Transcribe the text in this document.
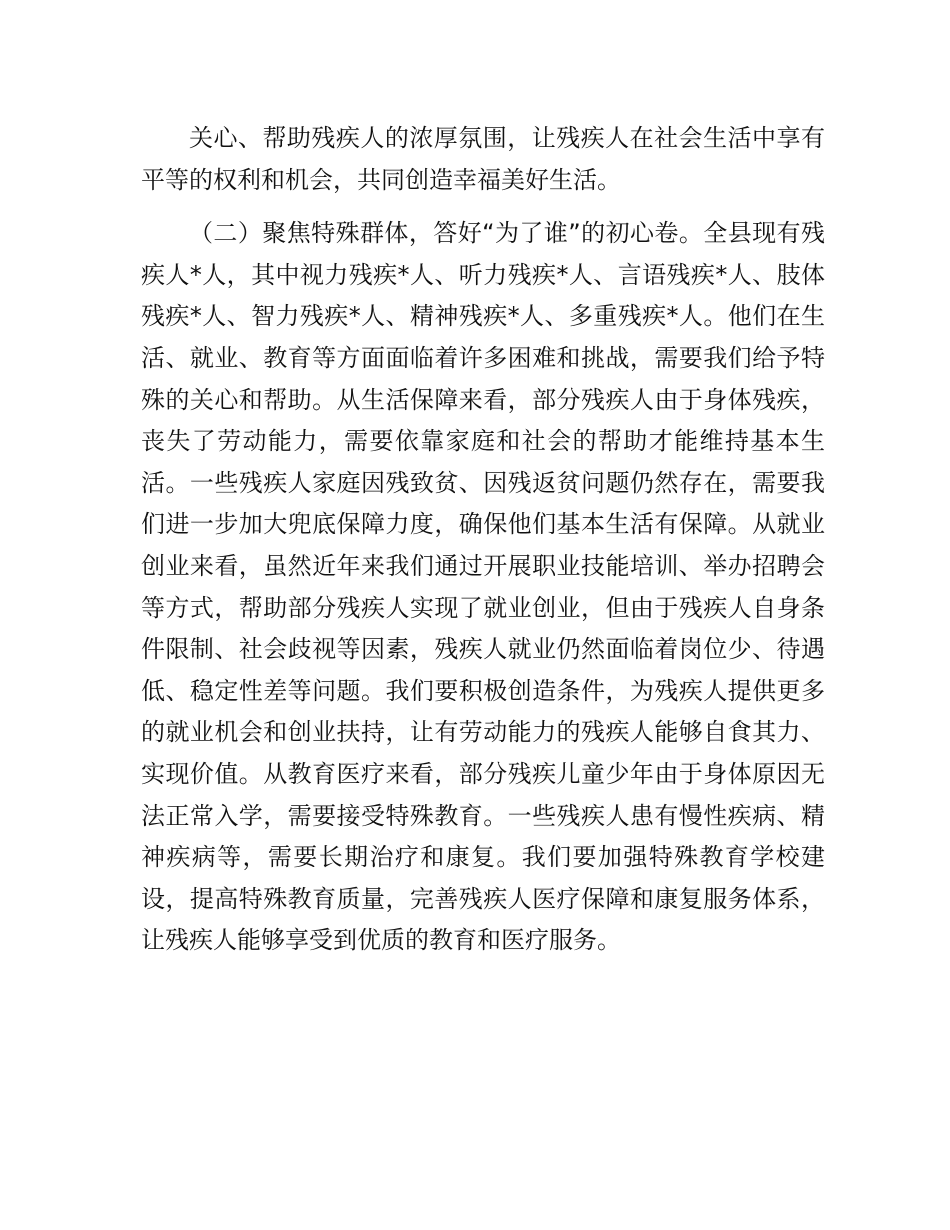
关心、帮助残疾人的浓厚氛围，让残疾人在社会生活中享有平等的权利和机会，共同创造幸福美好生活。

（二）聚焦特殊群体，答好“为了谁”的初心卷。全县现有残疾人*人，其中视力残疾*人、听力残疾*人、言语残疾*人、肢体残疾*人、智力残疾*人、精神残疾*人、多重残疾*人。他们在生活、就业、教育等方面面临着许多困难和挑战，需要我们给予特殊的关心和帮助。从生活保障来看，部分残疾人由于身体残疾，丧失了劳动能力，需要依靠家庭和社会的帮助才能维持基本生活。一些残疾人家庭因残致贫、因残返贫问题仍然存在，需要我们进一步加大兜底保障力度，确保他们基本生活有保障。从就业创业来看，虽然近年来我们通过开展职业技能培训、举办招聘会等方式，帮助部分残疾人实现了就业创业，但由于残疾人自身条件限制、社会歧视等因素，残疾人就业仍然面临着岗位少、待遇低、稳定性差等问题。我们要积极创造条件，为残疾人提供更多的就业机会和创业扶持，让有劳动能力的残疾人能够自食其力、实现价值。从教育医疗来看，部分残疾儿童少年由于身体原因无法正常入学，需要接受特殊教育。一些残疾人患有慢性疾病、精神疾病等，需要长期治疗和康复。我们要加强特殊教育学校建设，提高特殊教育质量，完善残疾人医疗保障和康复服务体系，让残疾人能够享受到优质的教育和医疗服务。
